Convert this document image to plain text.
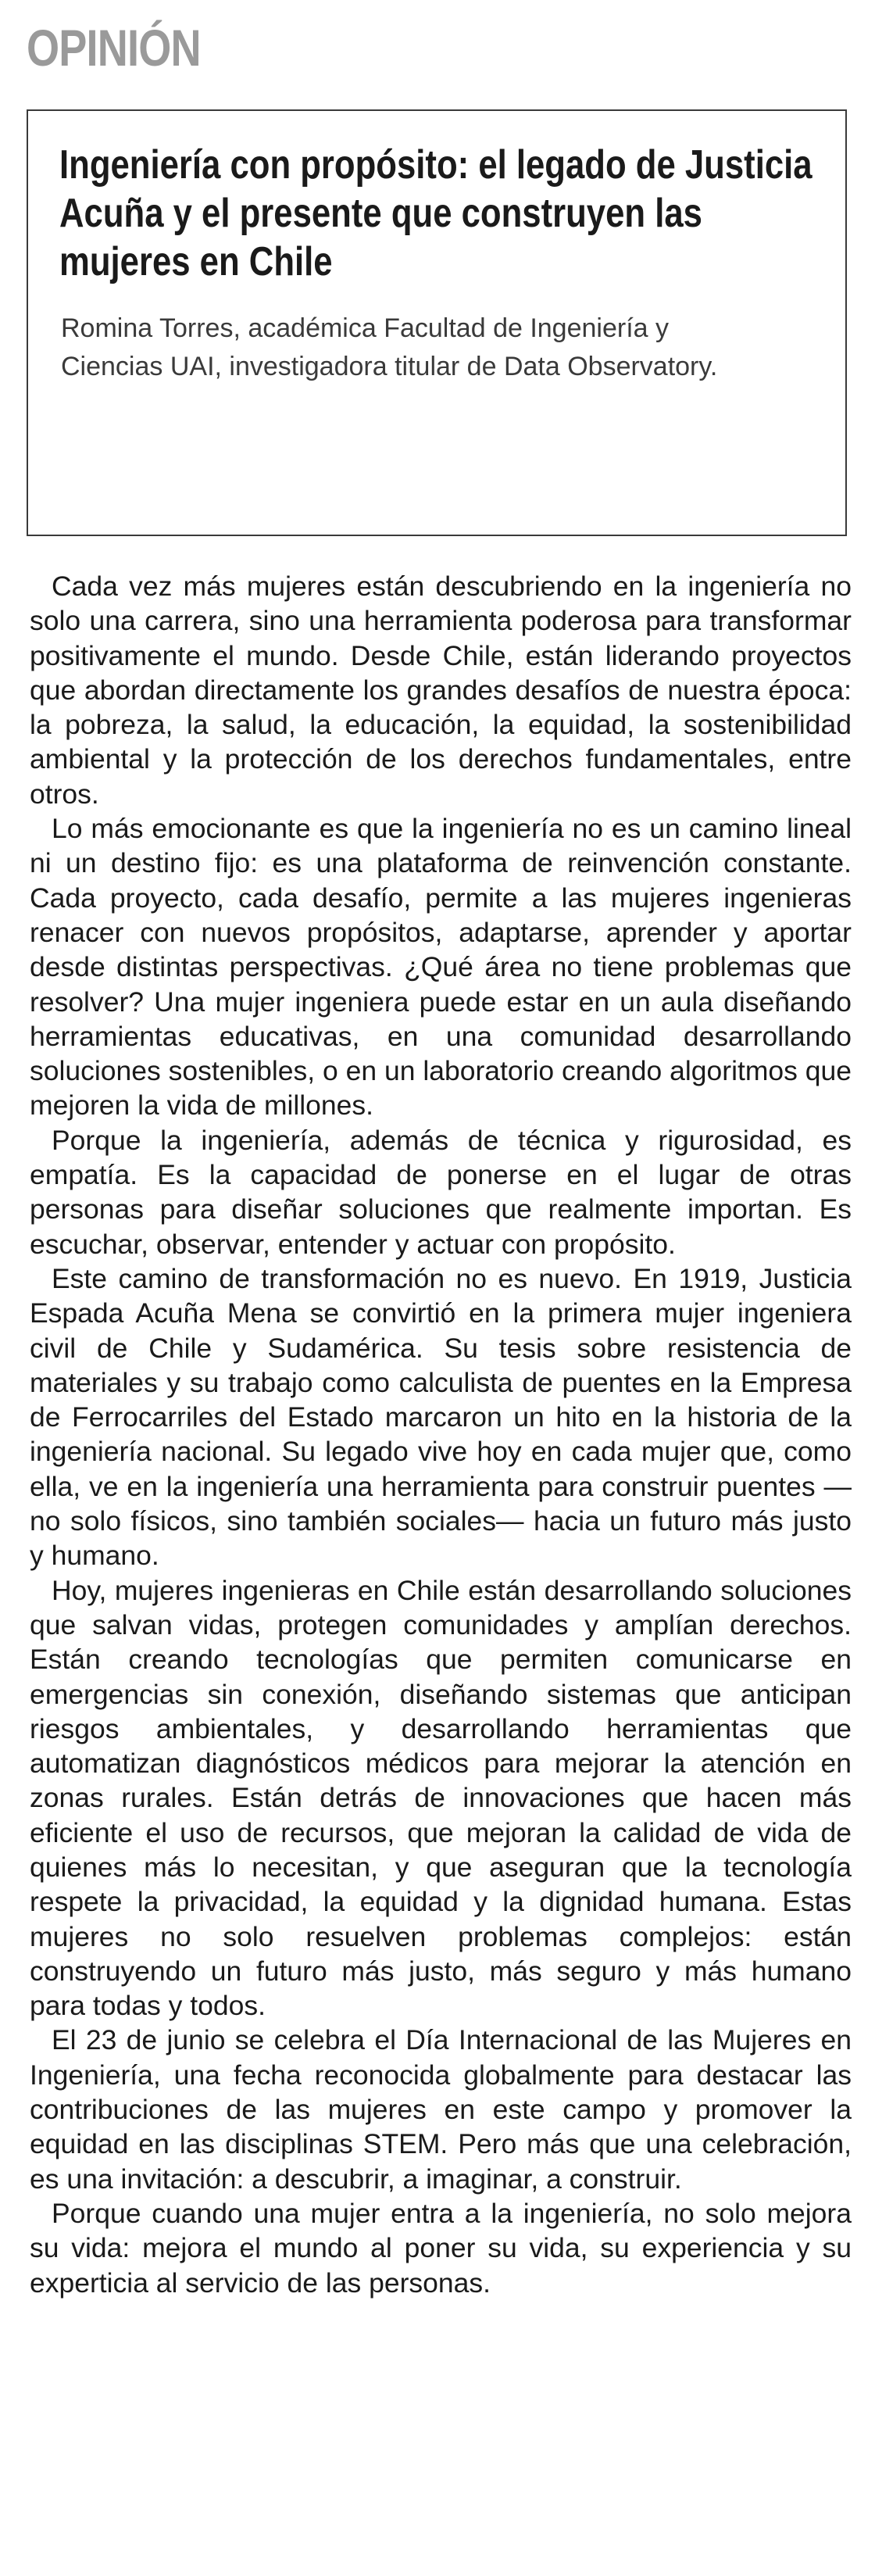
OPINIÓN
Ingeniería con propósito: el legado de Justicia Acuña y el presente que construyen las mujeres en Chile

Romina Torres, académica Facultad de Ingeniería y Ciencias UAI, investigadora titular de Data Observatory.

Cada vez más mujeres están descubriendo en la ingeniería no solo una carrera, sino una herramienta poderosa para transformar positivamente el mundo. Desde Chile, están liderando proyectos que abordan directamente los grandes desafíos de nuestra época: la pobreza, la salud, la educación, la equidad, la sostenibilidad ambiental y la protección de los derechos fundamentales, entre otros.

Lo más emocionante es que la ingeniería no es un camino lineal ni un destino fijo: es una plataforma de reinvención constante. Cada proyecto, cada desafío, permite a las mujeres ingenieras renacer con nuevos propósitos, adaptarse, aprender y aportar desde distintas perspectivas. ¿Qué área no tiene problemas que resolver? Una mujer ingeniera puede estar en un aula diseñando herramientas educativas, en una comunidad desarrollando soluciones sostenibles, o en un laboratorio creando algoritmos que mejoren la vida de millones.

Porque la ingeniería, además de técnica y rigurosidad, es empatía. Es la capacidad de ponerse en el lugar de otras personas para diseñar soluciones que realmente importan. Es escuchar, observar, entender y actuar con propósito.

Este camino de transformación no es nuevo. En 1919, Justicia Espada Acuña Mena se convirtió en la primera mujer ingeniera civil de Chile y Sudamérica. Su tesis sobre resistencia de materiales y su trabajo como calculista de puentes en la Empresa de Ferrocarriles del Estado marcaron un hito en la historia de la ingeniería nacional. Su legado vive hoy en cada mujer que, como ella, ve en la ingeniería una herramienta para construir puentes —no solo físicos, sino también sociales— hacia un futuro más justo y humano.

Hoy, mujeres ingenieras en Chile están desarrollando soluciones que salvan vidas, protegen comunidades y amplían derechos. Están creando tecnologías que permiten comunicarse en emergencias sin conexión, diseñando sistemas que anticipan riesgos ambientales, y desarrollando herramientas que automatizan diagnósticos médicos para mejorar la atención en zonas rurales. Están detrás de innovaciones que hacen más eficiente el uso de recursos, que mejoran la calidad de vida de quienes más lo necesitan, y que aseguran que la tecnología respete la privacidad, la equidad y la dignidad humana. Estas mujeres no solo resuelven problemas complejos: están construyendo un futuro más justo, más seguro y más humano para todas y todos.

El 23 de junio se celebra el Día Internacional de las Mujeres en Ingeniería, una fecha reconocida globalmente para destacar las contribuciones de las mujeres en este campo y promover la equidad en las disciplinas STEM. Pero más que una celebración, es una invitación: a descubrir, a imaginar, a construir.

Porque cuando una mujer entra a la ingeniería, no solo mejora su vida: mejora el mundo al poner su vida, su experiencia y su experticia al servicio de las personas.
